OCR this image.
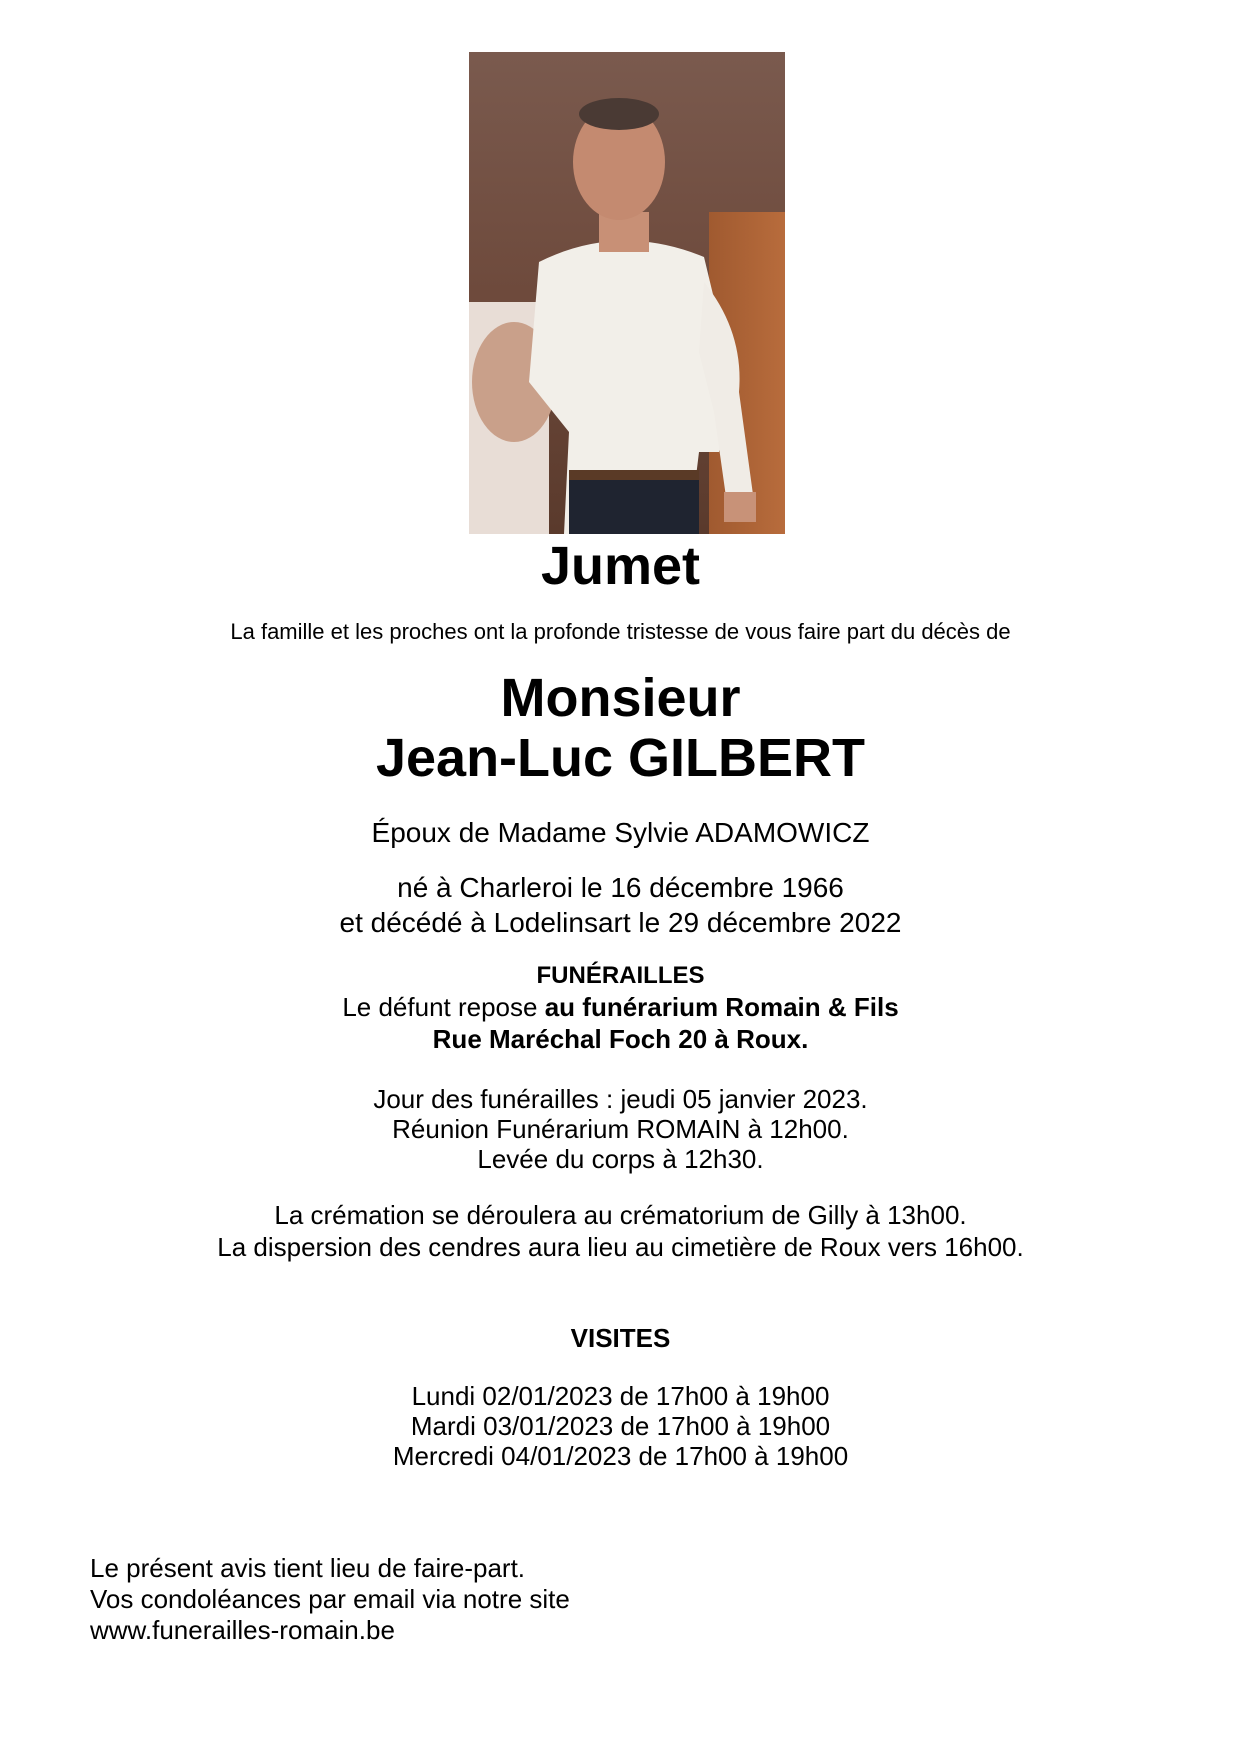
Jumet
La famille et les proches ont la profonde tristesse de vous faire part du décès de
Monsieur
Jean-Luc GILBERT
Époux de Madame Sylvie ADAMOWICZ
né à Charleroi le 16 décembre 1966
et décédé à Lodelinsart le 29 décembre 2022
FUNÉRAILLES
Le défunt repose au funérarium Romain & Fils
Rue Maréchal Foch 20 à Roux.
Jour des funérailles : jeudi 05 janvier 2023.
Réunion Funérarium ROMAIN à 12h00.
Levée du corps à 12h30.
La crémation se déroulera au crématorium de Gilly à 13h00.
La dispersion des cendres aura lieu au cimetière de Roux vers 16h00.
VISITES
Lundi 02/01/2023 de 17h00 à 19h00
Mardi 03/01/2023 de 17h00 à 19h00
Mercredi 04/01/2023 de 17h00 à 19h00
Le présent avis tient lieu de faire-part.
Vos condoléances par email via notre site
www.funerailles-romain.be
